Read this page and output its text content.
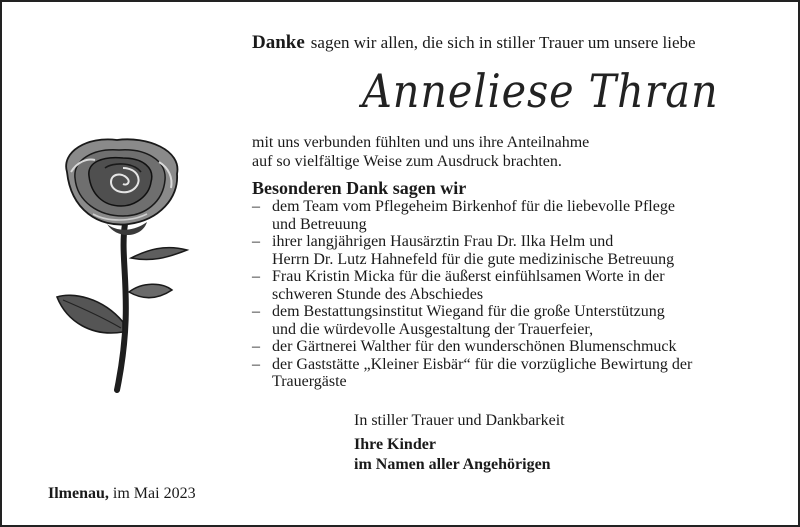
Danke sagen wir allen, die sich in stiller Trauer um unsere liebe
Anneliese Thran
mit uns verbunden fühlten und uns ihre Anteilnahme
auf so vielfältige Weise zum Ausdruck brachten.
Besonderen Dank sagen wir
– dem Team vom Pflegeheim Birkenhof für die liebevolle Pflege
und Betreuung
– ihrer langjährigen Hausärztin Frau Dr. Ilka Helm und
Herrn Dr. Lutz Hahnefeld für die gute medizinische Betreuung
– Frau Kristin Micka für die äußerst einfühlsamen Worte in der
schweren Stunde des Abschiedes
– dem Bestattungsinstitut Wiegand für die große Unterstützung
und die würdevolle Ausgestaltung der Trauerfeier,
– der Gärtnerei Walther für den wunderschönen Blumenschmuck
– der Gaststätte „Kleiner Eisbär“ für die vorzügliche Bewirtung der
Trauergäste
In stiller Trauer und Dankbarkeit
Ihre Kinder
im Namen aller Angehörigen
Ilmenau, im Mai 2023
